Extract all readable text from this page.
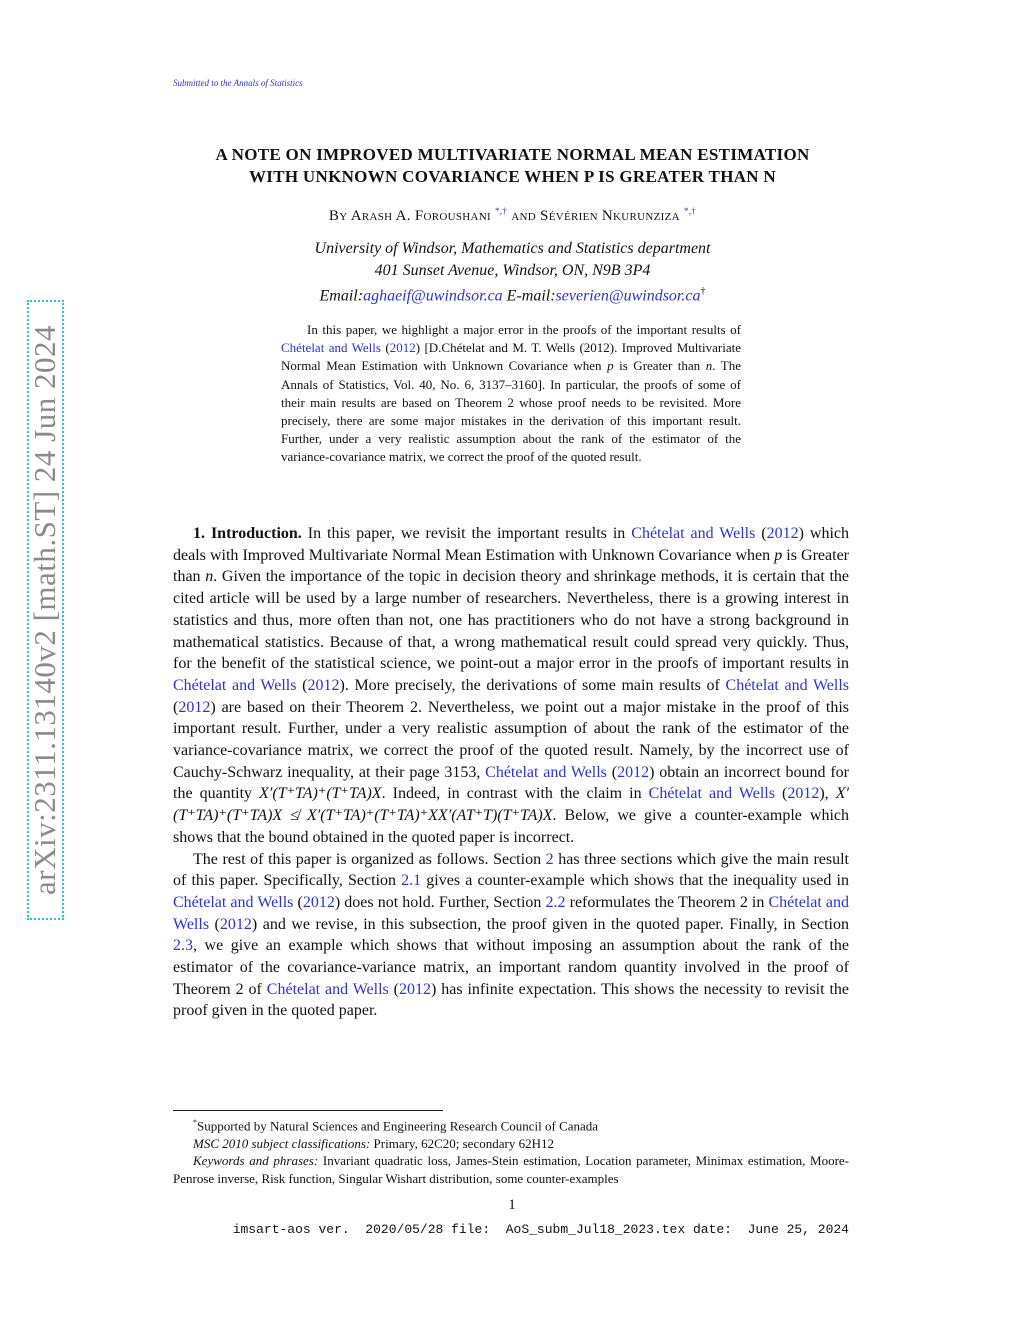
arXiv:2311.13140v2 [math.ST] 24 Jun 2024
Submitted to the Annals of Statistics
A NOTE ON IMPROVED MULTIVARIATE NORMAL MEAN ESTIMATION
WITH UNKNOWN COVARIANCE WHEN P IS GREATER THAN N
By Arash A. Foroushani *,† and Sévérien Nkurunziza *,†
University of Windsor, Mathematics and Statistics department
401 Sunset Avenue, Windsor, ON, N9B 3P4
Email:aghaeif@uwindsor.ca E-mail:severien@uwindsor.ca†

In this paper, we highlight a major error in the proofs of the important results of Chételat and Wells (2012) [D.Chételat and M. T. Wells (2012). Improved Multivariate Normal Mean Estimation with Unknown Covariance when p is Greater than n. The Annals of Statistics, Vol. 40, No. 6, 3137–3160]. In particular, the proofs of some of their main results are based on Theorem 2 whose proof needs to be revisited. More precisely, there are some major mistakes in the derivation of this important result. Further, under a very realistic assumption about the rank of the estimator of the variance-covariance matrix, we correct the proof of the quoted result.

1. Introduction. In this paper, we revisit the important results in Chételat and Wells (2012) which deals with Improved Multivariate Normal Mean Estimation with Unknown Covariance when p is Greater than n. Given the importance of the topic in decision theory and shrinkage methods, it is certain that the cited article will be used by a large number of researchers. Nevertheless, there is a growing interest in statistics and thus, more often than not, one has practitioners who do not have a strong background in mathematical statistics. Because of that, a wrong mathematical result could spread very quickly. Thus, for the benefit of the statistical science, we point-out a major error in the proofs of important results in Chételat and Wells (2012). More precisely, the derivations of some main results of Chételat and Wells (2012) are based on their Theorem 2. Nevertheless, we point out a major mistake in the proof of this important result. Further, under a very realistic assumption of about the rank of the estimator of the variance-covariance matrix, we correct the proof of the quoted result. Namely, by the incorrect use of Cauchy-Schwarz inequality, at their page 3153, Chételat and Wells (2012) obtain an incorrect bound for the quantity X′(T⁺TA)⁺(T⁺TA)X. Indeed, in contrast with the claim in Chételat and Wells (2012), X′(T⁺TA)⁺(T⁺TA)X ≰ X′(T⁺TA)⁺(T⁺TA)⁺XX′(AT⁺T)(T⁺TA)X. Below, we give a counter-example which shows that the bound obtained in the quoted paper is incorrect.

The rest of this paper is organized as follows. Section 2 has three sections which give the main result of this paper. Specifically, Section 2.1 gives a counter-example which shows that the inequality used in Chételat and Wells (2012) does not hold. Further, Section 2.2 reformulates the Theorem 2 in Chételat and Wells (2012) and we revise, in this subsection, the proof given in the quoted paper. Finally, in Section 2.3, we give an example which shows that without imposing an assumption about the rank of the estimator of the covariance-variance matrix, an important random quantity involved in the proof of Theorem 2 of Chételat and Wells (2012) has infinite expectation. This shows the necessity to revisit the proof given in the quoted paper.

*Supported by Natural Sciences and Engineering Research Council of Canada

MSC 2010 subject classifications: Primary, 62C20; secondary 62H12

Keywords and phrases: Invariant quadratic loss, James-Stein estimation, Location parameter, Minimax estimation, Moore-Penrose inverse, Risk function, Singular Wishart distribution, some counter-examples

1
imsart-aos ver.  2020/05/28 file:  AoS_subm_Jul18_2023.tex date:  June 25, 2024
